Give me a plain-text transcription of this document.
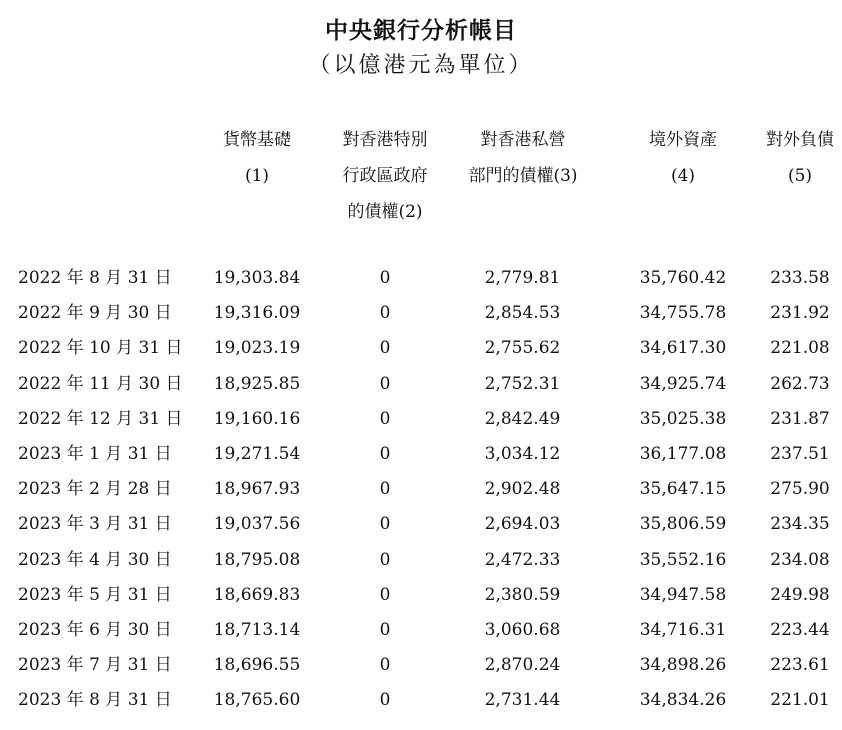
中央銀行分析帳目
（以億港元為單位）
貨幣基礎
(1)
對香港特別
行政區政府
的債權(2)
對香港私營
部門的債權(3)
境外資產
(4)
對外負債
(5)
2022 年 8 月 31 日	19,303.84	0	2,779.81	35,760.42	233.58
2022 年 9 月 30 日	19,316.09	0	2,854.53	34,755.78	231.92
2022 年 10 月 31 日	19,023.19	0	2,755.62	34,617.30	221.08
2022 年 11 月 30 日	18,925.85	0	2,752.31	34,925.74	262.73
2022 年 12 月 31 日	19,160.16	0	2,842.49	35,025.38	231.87
2023 年 1 月 31 日	19,271.54	0	3,034.12	36,177.08	237.51
2023 年 2 月 28 日	18,967.93	0	2,902.48	35,647.15	275.90
2023 年 3 月 31 日	19,037.56	0	2,694.03	35,806.59	234.35
2023 年 4 月 30 日	18,795.08	0	2,472.33	35,552.16	234.08
2023 年 5 月 31 日	18,669.83	0	2,380.59	34,947.58	249.98
2023 年 6 月 30 日	18,713.14	0	3,060.68	34,716.31	223.44
2023 年 7 月 31 日	18,696.55	0	2,870.24	34,898.26	223.61
2023 年 8 月 31 日	18,765.60	0	2,731.44	34,834.26	221.01
